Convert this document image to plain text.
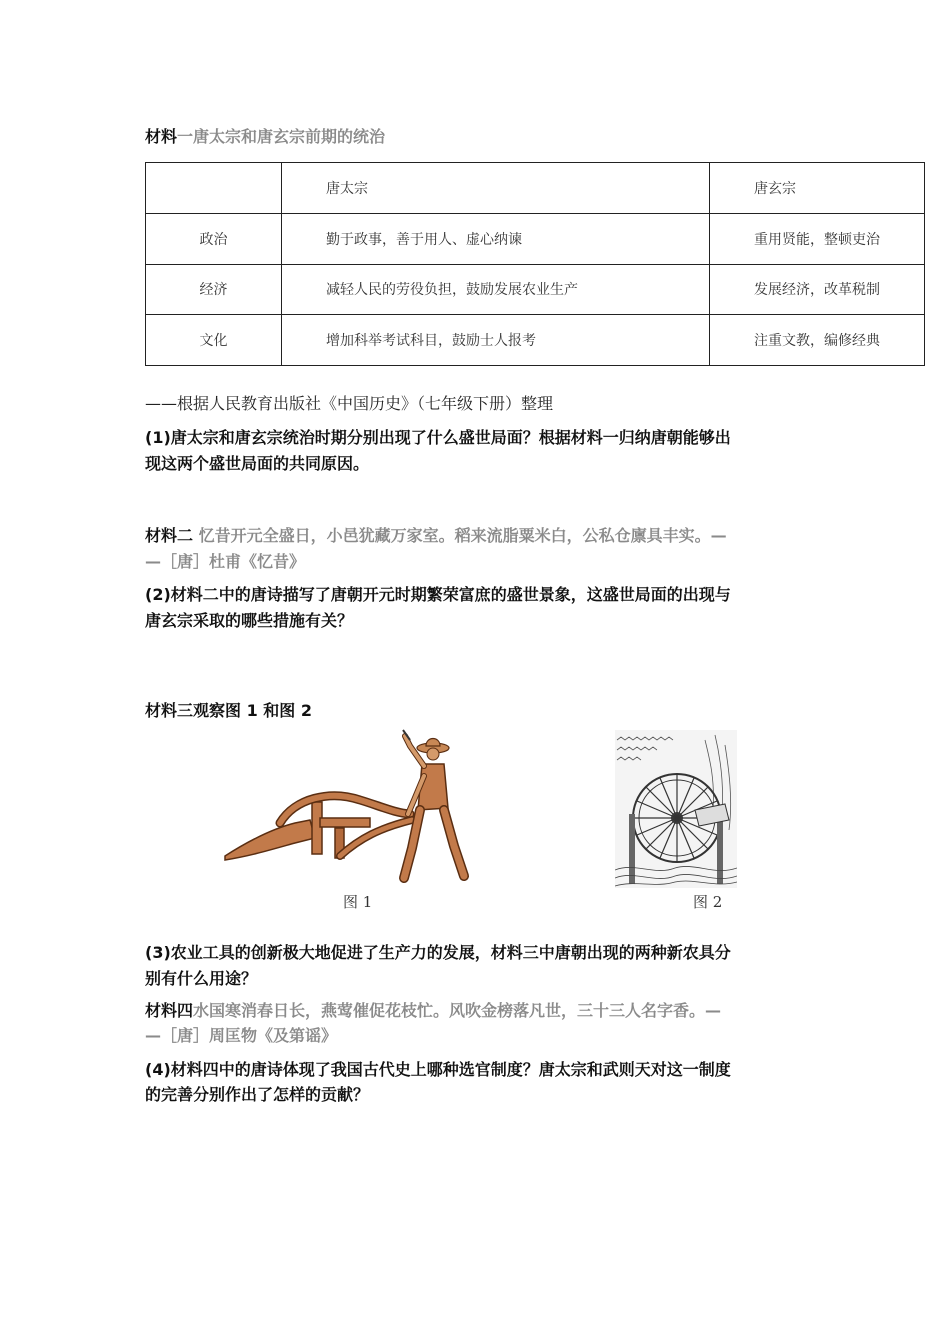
材料一唐太宗和唐玄宗前期的统治
	唐太宗	唐玄宗
政治	勤于政事，善于用人、虚心纳谏	重用贤能，整顿吏治
经济	减轻人民的劳役负担，鼓励发展农业生产	发展经济，改革税制
文化	增加科举考试科目，鼓励士人报考	注重文教，编修经典
——根据人民教育出版社《中国历史》（七年级下册）整理
(1)唐太宗和唐玄宗统治时期分别出现了什么盛世局面？根据材料一归纳唐朝能够出
现这两个盛世局面的共同原因。
材料二 忆昔开元全盛日，小邑犹藏万家室。稻来流脂粟米白，公私仓廪具丰实。—
—［唐］杜甫《忆昔》
(2)材料二中的唐诗描写了唐朝开元时期繁荣富庶的盛世景象，这盛世局面的出现与
唐玄宗采取的哪些措施有关？
材料三观察图 1 和图 2
图 1	图 2
(3)农业工具的创新极大地促进了生产力的发展，材料三中唐朝出现的两种新农具分
别有什么用途？
材料四水国寒消春日长，燕莺催促花枝忙。风吹金榜落凡世，三十三人名字香。—
—［唐］周匡物《及第谣》
(4)材料四中的唐诗体现了我国古代史上哪种选官制度？唐太宗和武则天对这一制度
的完善分别作出了怎样的贡献？
